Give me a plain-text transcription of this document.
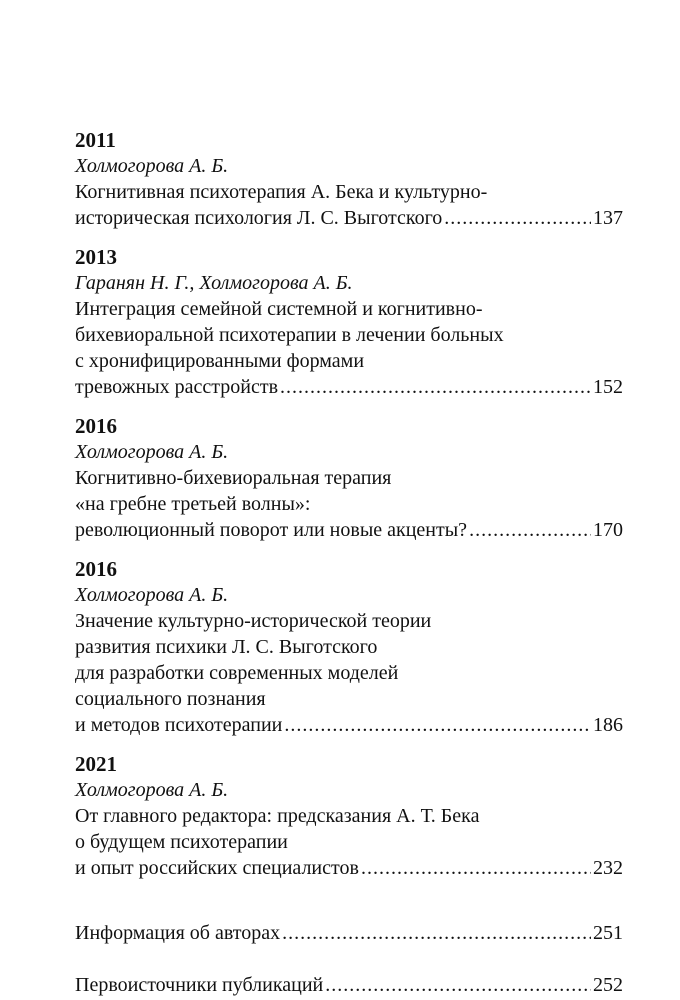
2011
Холмогорова А. Б.
Когнитивная психотерапия А. Бека и культурно-
историческая психология Л. С. Выготского .....	137
2013
Гаранян Н. Г., Холмогорова А. Б.
Интеграция семейной системной и когнитивно-
бихевиоральной психотерапии в лечении больных
с хронифицированными формами
тревожных расстройств .....	152
2016
Холмогорова А. Б.
Когнитивно-бихевиоральная терапия
«на гребне третьей волны»:
революционный поворот или новые акценты? .....	170
2016
Холмогорова А. Б.
Значение культурно-исторической теории
развития психики Л. С. Выготского
для разработки современных моделей
социального познания
и методов психотерапии .....	186
2021
Холмогорова А. Б.
От главного редактора: предсказания А. Т. Бека
о будущем психотерапии
и опыт российских специалистов .....	232
Информация об авторах .....	251
Первоисточники публикаций .....	252
